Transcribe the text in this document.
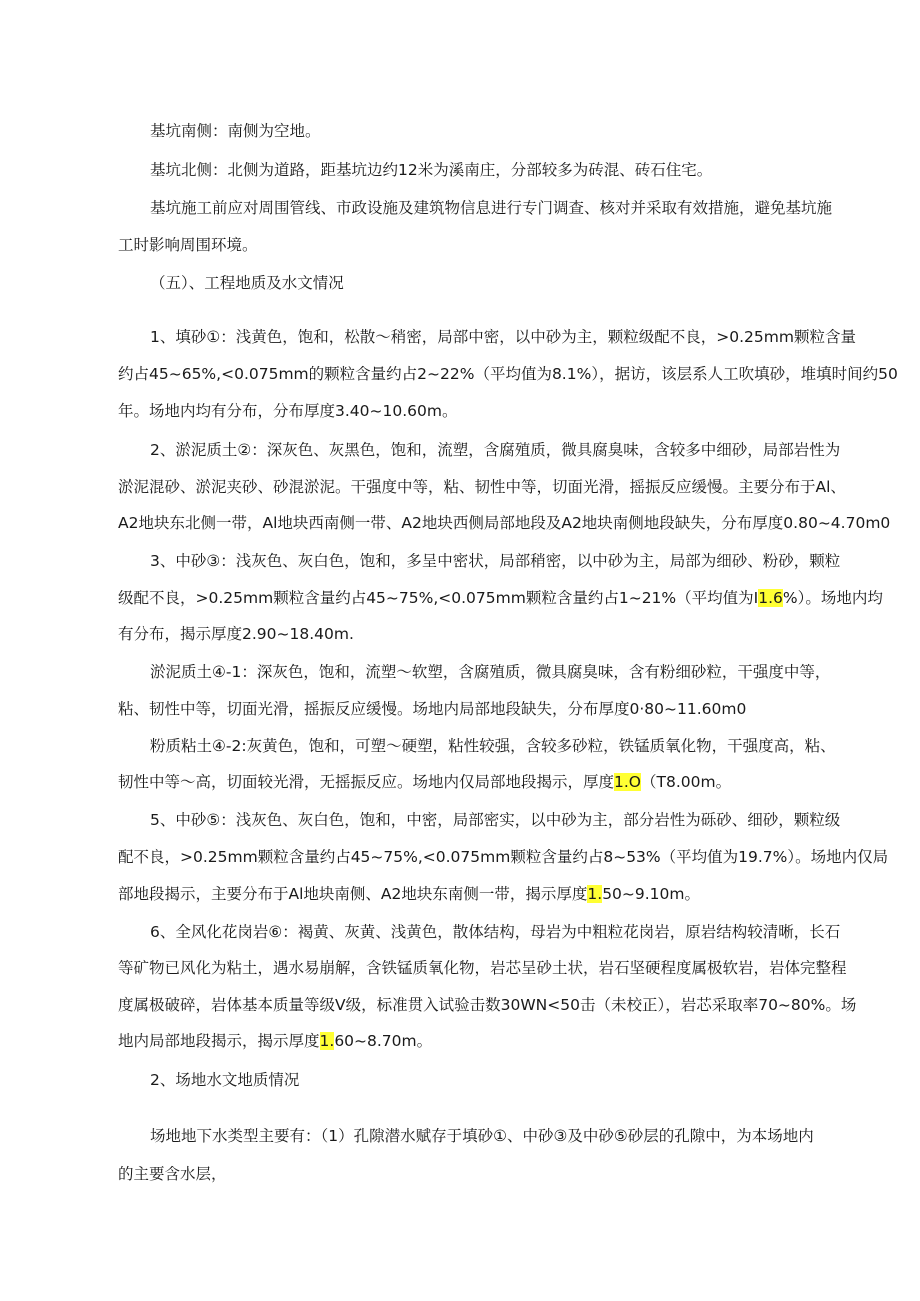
基坑南侧：南侧为空地。
基坑北侧：北侧为道路，距基坑边约12米为溪南庄，分部较多为砖混、砖石住宅。
基坑施工前应对周围管线、市政设施及建筑物信息进行专门调查、核对并采取有效措施，避免基坑施
工时影响周围环境。
（五）、工程地质及水文情况
1、填砂①：浅黄色，饱和，松散～稍密，局部中密，以中砂为主，颗粒级配不良，>0.25mm颗粒含量
约占45~65%,<0.075mm的颗粒含量约占2~22%（平均值为8.1%），据访，该层系人工吹填砂，堆填时间约50
年。场地内均有分布，分布厚度3.40~10.60m。
2、淤泥质土②：深灰色、灰黑色，饱和，流塑，含腐殖质，微具腐臭味，含较多中细砂，局部岩性为
淤泥混砂、淤泥夹砂、砂混淤泥。干强度中等，粘、韧性中等，切面光滑，摇振反应缓慢。主要分布于Al、
A2地块东北侧一带，Al地块西南侧一带、A2地块西侧局部地段及A2地块南侧地段缺失，分布厚度0.80~4.70m0
3、中砂③：浅灰色、灰白色，饱和，多呈中密状，局部稍密，以中砂为主，局部为细砂、粉砂，颗粒
级配不良，>0.25mm颗粒含量约占45~75%,<0.075mm颗粒含量约占1~21%（平均值为I1.6%）。场地内均
有分布，揭示厚度2.90~18.40m.
淤泥质土④-1：深灰色，饱和，流塑～软塑，含腐殖质，微具腐臭味，含有粉细砂粒，干强度中等，
粘、韧性中等，切面光滑，摇振反应缓慢。场地内局部地段缺失，分布厚度0·80~11.60m0
粉质粘土④-2:灰黄色，饱和，可塑～硬塑，粘性较强，含较多砂粒，铁锰质氧化物，干强度高，粘、
韧性中等～高，切面较光滑，无摇振反应。场地内仅局部地段揭示，厚度1.O（T8.00m。
5、中砂⑤：浅灰色、灰白色，饱和，中密，局部密实，以中砂为主，部分岩性为砾砂、细砂，颗粒级
配不良，>0.25mm颗粒含量约占45~75%,<0.075mm颗粒含量约占8~53%（平均值为19.7%）。场地内仅局
部地段揭示，主要分布于Al地块南侧、A2地块东南侧一带，揭示厚度1.50~9.10m。
6、全风化花岗岩⑥：褐黄、灰黄、浅黄色，散体结构，母岩为中粗粒花岗岩，原岩结构较清晰，长石
等矿物已风化为粘土，遇水易崩解，含铁锰质氧化物，岩芯呈砂土状，岩石坚硬程度属极软岩，岩体完整程
度属极破碎，岩体基本质量等级V级，标准贯入试验击数30WN<50击（未校正），岩芯采取率70~80%。场
地内局部地段揭示，揭示厚度1.60~8.70m。
2、场地水文地质情况
场地地下水类型主要有：（1）孔隙潜水赋存于填砂①、中砂③及中砂⑤砂层的孔隙中，为本场地内
的主要含水层，
